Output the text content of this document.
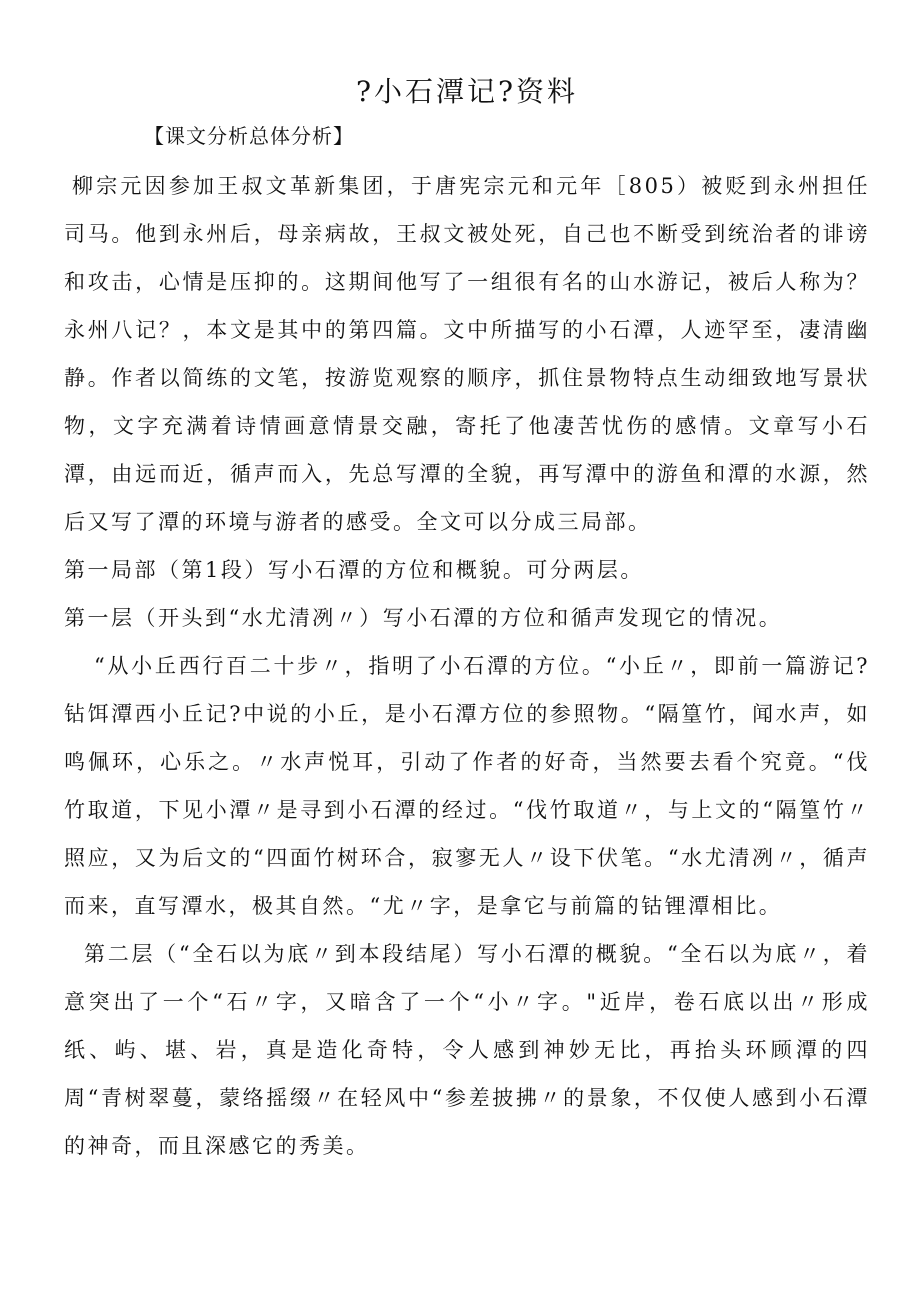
?小石潭记?资料
【课文分析总体分析】

柳宗元因参加王叔文革新集团，于唐宪宗元和元年［805）被贬到永州担任司马。他到永州后，母亲病故，王叔文被处死，自己也不断受到统治者的诽谤和攻击，心情是压抑的。这期间他写了一组很有名的山水游记，被后人称为？永州八记？，本文是其中的第四篇。文中所描写的小石潭，人迹罕至，凄清幽静。作者以简练的文笔，按游览观察的顺序，抓住景物特点生动细致地写景状物，文字充满着诗情画意情景交融，寄托了他凄苦忧伤的感情。文章写小石潭，由远而近，循声而入，先总写潭的全貌，再写潭中的游鱼和潭的水源，然后又写了潭的环境与游者的感受。全文可以分成三局部。

第一局部（第1段）写小石潭的方位和概貌。可分两层。

第一层（开头到“水尤清冽〃）写小石潭的方位和循声发现它的情况。

“从小丘西行百二十步〃，指明了小石潭的方位。“小丘〃，即前一篇游记?钻饵潭西小丘记?中说的小丘，是小石潭方位的参照物。“隔篁竹，闻水声，如鸣佩环，心乐之。〃水声悦耳，引动了作者的好奇，当然要去看个究竟。“伐竹取道，下见小潭〃是寻到小石潭的经过。“伐竹取道〃，与上文的“隔篁竹〃照应，又为后文的“四面竹树环合，寂寥无人〃设下伏笔。“水尤清冽〃，循声而来，直写潭水，极其自然。“尤〃字，是拿它与前篇的钴锂潭相比。

第二层（“全石以为底〃到本段结尾）写小石潭的概貌。“全石以为底〃，着意突出了一个“石〃字，又暗含了一个“小〃字。"近岸，卷石底以出〃形成纸、屿、堪、岩，真是造化奇特，令人感到神妙无比，再抬头环顾潭的四周“青树翠蔓，蒙络摇缀〃在轻风中“参差披拂〃的景象，不仅使人感到小石潭的神奇，而且深感它的秀美。
